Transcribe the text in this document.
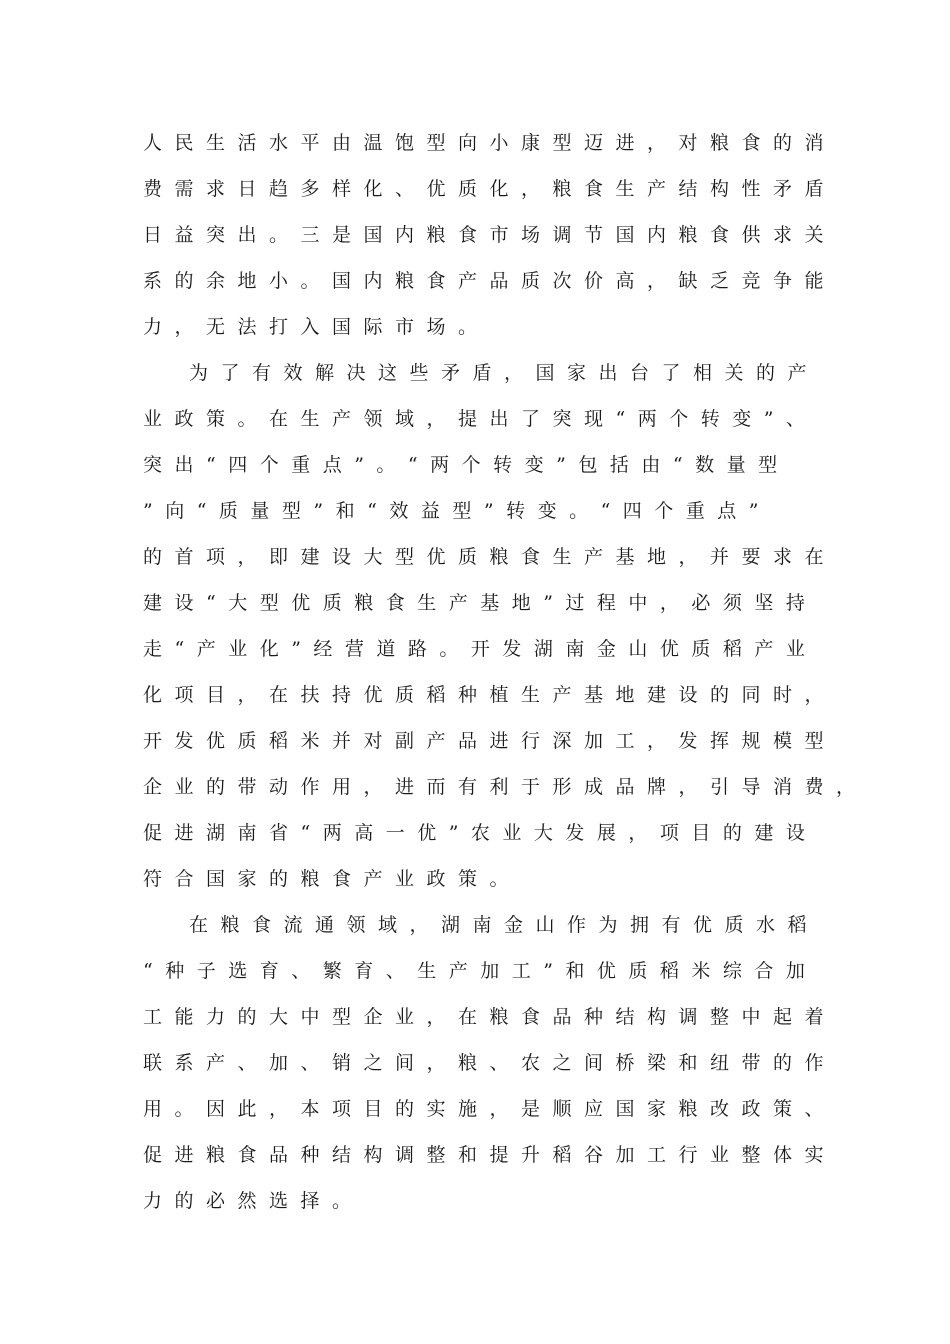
人民生活水平由温饱型向小康型迈进，对粮食的消
费需求日趋多样化、优质化，粮食生产结构性矛盾
日益突出。三是国内粮食市场调节国内粮食供求关
系的余地小。国内粮食产品质次价高，缺乏竞争能
力，无法打入国际市场。
为了有效解决这些矛盾，国家出台了相关的产
业政策。在生产领域，提出了突现“两个转变”、
突出“四个重点”。“两个转变”包括由“数量型
”向“质量型”和“效益型”转变。“四个重点”
的首项，即建设大型优质粮食生产基地，并要求在
建设“大型优质粮食生产基地”过程中，必须坚持
走“产业化”经营道路。开发湖南金山优质稻产业
化项目，在扶持优质稻种植生产基地建设的同时，
开发优质稻米并对副产品进行深加工，发挥规模型
企业的带动作用，进而有利于形成品牌，引导消费，
促进湖南省“两高一优”农业大发展，项目的建设
符合国家的粮食产业政策。
在粮食流通领域，湖南金山作为拥有优质水稻
“种子选育、繁育、生产加工”和优质稻米综合加
工能力的大中型企业，在粮食品种结构调整中起着
联系产、加、销之间，粮、农之间桥梁和纽带的作
用。因此，本项目的实施，是顺应国家粮改政策、
促进粮食品种结构调整和提升稻谷加工行业整体实
力的必然选择。
